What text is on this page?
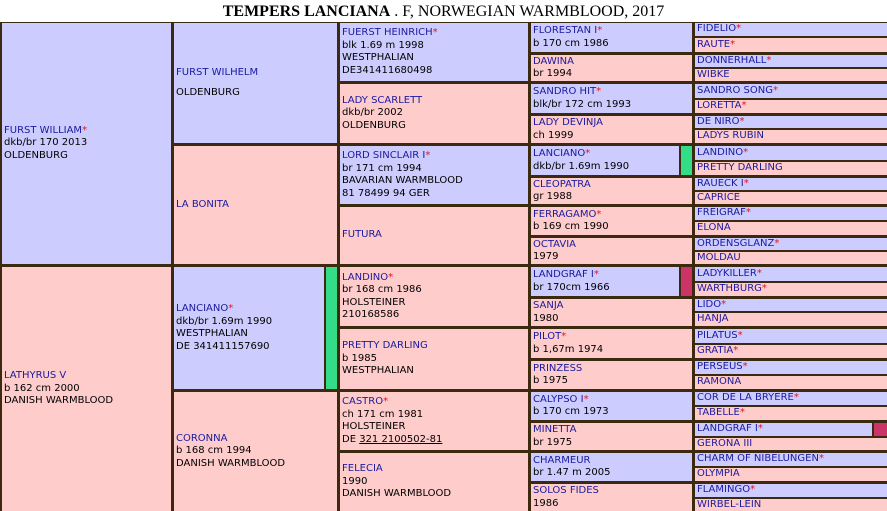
TEMPERS LANCIANA . F, NORWEGIAN WARMBLOOD, 2017
FURST WILLIAM*
dkb/br 170 2013
OLDENBURG
LATHYRUS V
b 162 cm 2000
DANISH WARMBLOOD
FURST WILHELM
OLDENBURG
LA BONITA
LANCIANO*
dkb/br 1.69m 1990
WESTPHALIAN
DE 341411157690
CORONNA
b 168 cm 1994
DANISH WARMBLOOD
FUERST HEINRICH*
blk 1.69 m 1998
WESTPHALIAN
DE341411680498
LADY SCARLETT
dkb/br 2002
OLDENBURG
LORD SINCLAIR I*
br 171 cm 1994
BAVARIAN WARMBLOOD
81 78499 94 GER
FUTURA
LANDINO*
br 168 cm 1986
HOLSTEINER
210168586
PRETTY DARLING
b 1985
WESTPHALIAN
CASTRO*
ch 171 cm 1981
HOLSTEINER
DE 321 2100502-81
FELECIA
1990
DANISH WARMBLOOD
FLORESTAN I*
b 170 cm 1986
DAWINA
br 1994
SANDRO HIT*
blk/br 172 cm 1993
LADY DEVINJA
ch 1999
LANCIANO*
dkb/br 1.69m 1990
CLEOPATRA
gr 1988
FERRAGAMO*
b 169 cm 1990
OCTAVIA
1979
LANDGRAF I*
br 170cm 1966
SANJA
1980
PILOT*
b 1,67m 1974
PRINZESS
b 1975
CALYPSO I*
b 170 cm 1973
MINETTA
br 1975
CHARMEUR
br 1.47 m 2005
SOLOS FIDES
1986
FIDELIO*
RAUTE*
DONNERHALL*
WIBKE
SANDRO SONG*
LORETTA*
DE NIRO*
LADYS RUBIN
LANDINO*
PRETTY DARLING
RAUECK I*
CAPRICE
FREIGRAF*
ELONA
ORDENSGLANZ*
MOLDAU
LADYKILLER*
WARTHBURG*
LIDO*
HANJA
PILATUS*
GRATIA*
PERSEUS*
RAMONA
COR DE LA BRYERE*
TABELLE*
LANDGRAF I*
GERONA III
CHARM OF NIBELUNGEN*
OLYMPIA
FLAMINGO*
WIRBEL-LEIN
